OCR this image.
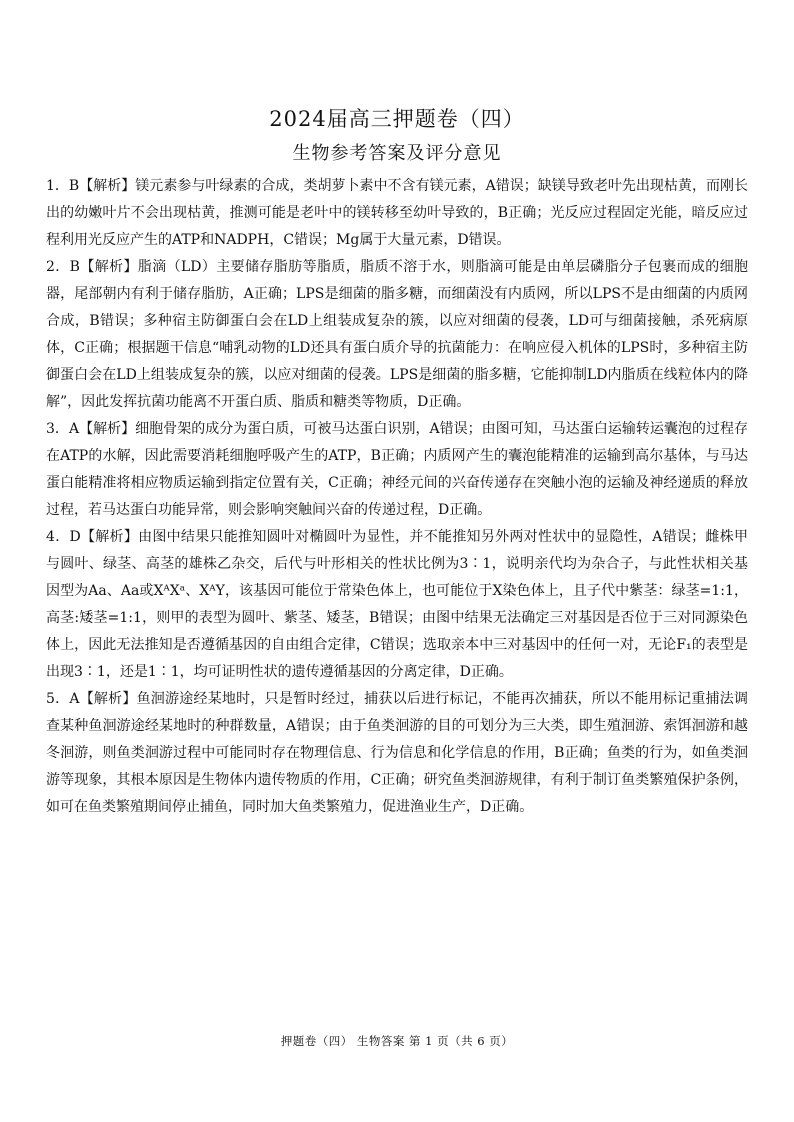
2024届高三押题卷（四）
生物参考答案及评分意见

1．B【解析】镁元素参与叶绿素的合成，类胡萝卜素中不含有镁元素，A错误；缺镁导致老叶先出现枯黄，而刚长出的幼嫩叶片不会出现枯黄，推测可能是老叶中的镁转移至幼叶导致的，B正确；光反应过程固定光能，暗反应过程利用光反应产生的ATP和NADPH，C错误；Mg属于大量元素，D错误。

2．B【解析】脂滴（LD）主要储存脂肪等脂质，脂质不溶于水，则脂滴可能是由单层磷脂分子包裹而成的细胞器，尾部朝内有利于储存脂肪，A正确；LPS是细菌的脂多糖，而细菌没有内质网，所以LPS不是由细菌的内质网合成，B错误；多种宿主防御蛋白会在LD上组装成复杂的簇，以应对细菌的侵袭，LD可与细菌接触，杀死病原体，C正确；根据题干信息“哺乳动物的LD还具有蛋白质介导的抗菌能力：在响应侵入机体的LPS时，多种宿主防御蛋白会在LD上组装成复杂的簇，以应对细菌的侵袭。LPS是细菌的脂多糖，它能抑制LD内脂质在线粒体内的降解”，因此发挥抗菌功能离不开蛋白质、脂质和糖类等物质，D正确。

3．A【解析】细胞骨架的成分为蛋白质，可被马达蛋白识别，A错误；由图可知，马达蛋白运输转运囊泡的过程存在ATP的水解，因此需要消耗细胞呼吸产生的ATP，B正确；内质网产生的囊泡能精准的运输到高尔基体，与马达蛋白能精准将相应物质运输到指定位置有关，C正确；神经元间的兴奋传递存在突触小泡的运输及神经递质的释放过程，若马达蛋白功能异常，则会影响突触间兴奋的传递过程，D正确。

4．D【解析】由图中结果只能推知圆叶对椭圆叶为显性，并不能推知另外两对性状中的显隐性，A错误；雌株甲与圆叶、绿茎、高茎的雄株乙杂交，后代与叶形相关的性状比例为3∶1，说明亲代均为杂合子，与此性状相关基因型为Aa、Aa或XᴬXᵃ、XᴬY，该基因可能位于常染色体上，也可能位于X染色体上，且子代中紫茎：绿茎=1:1，高茎:矮茎=1:1，则甲的表型为圆叶、紫茎、矮茎，B错误；由图中结果无法确定三对基因是否位于三对同源染色体上，因此无法推知是否遵循基因的自由组合定律，C错误；选取亲本中三对基因中的任何一对，无论F₁的表型是出现3∶1，还是1∶1，均可证明性状的遗传遵循基因的分离定律，D正确。

5．A【解析】鱼洄游途经某地时，只是暂时经过，捕获以后进行标记，不能再次捕获，所以不能用标记重捕法调查某种鱼洄游途经某地时的种群数量，A错误；由于鱼类洄游的目的可划分为三大类，即生殖洄游、索饵洄游和越冬洄游，则鱼类洄游过程中可能同时存在物理信息、行为信息和化学信息的作用，B正确；鱼类的行为，如鱼类洄游等现象，其根本原因是生物体内遗传物质的作用，C正确；研究鱼类洄游规律，有利于制订鱼类繁殖保护条例，如可在鱼类繁殖期间停止捕鱼，同时加大鱼类繁殖力，促进渔业生产，D正确。

押题卷（四） 生物答案 第 1 页（共 6 页）
